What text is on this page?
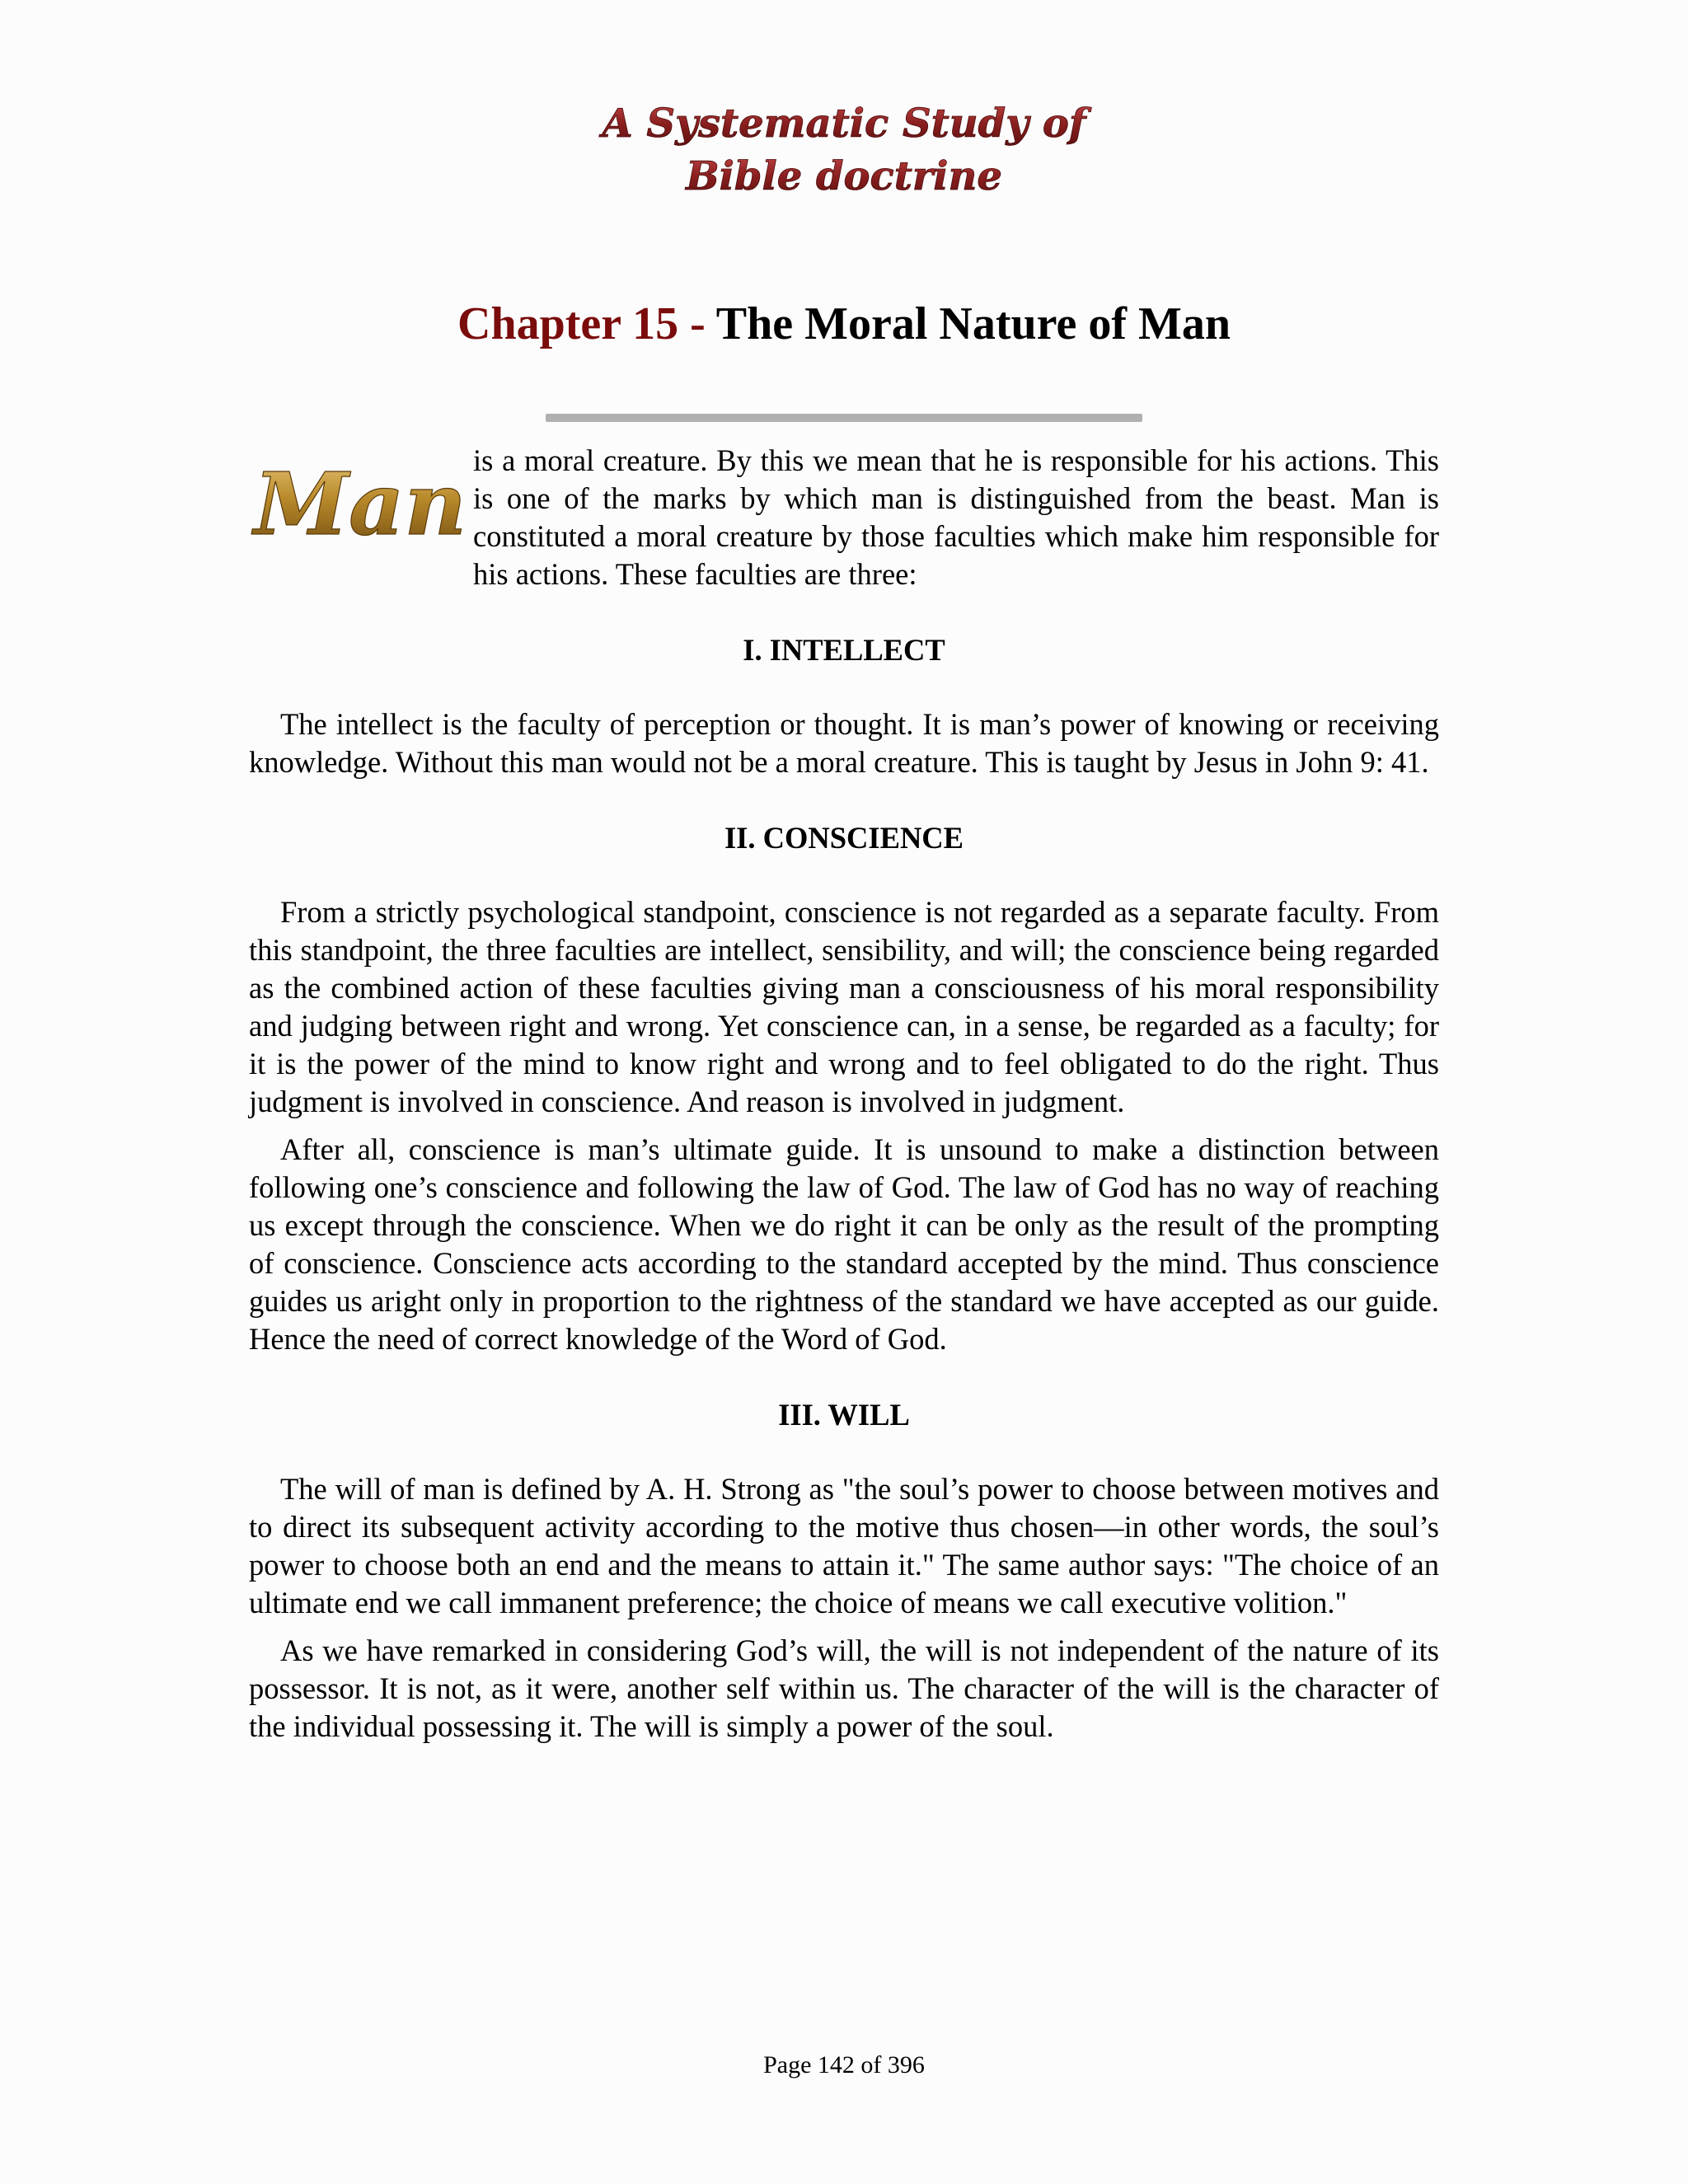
A Systematic Study of
Bible doctrine
Chapter 15 - The Moral Nature of Man
Man is a moral creature. By this we mean that he is responsible for his actions. This is one of the marks by which man is distinguished from the beast. Man is constituted a moral creature by those faculties which make him responsible for his actions. These faculties are three:

I. INTELLECT

The intellect is the faculty of perception or thought. It is man’s power of knowing or receiving knowledge. Without this man would not be a moral creature. This is taught by Jesus in John 9: 41.

II. CONSCIENCE

From a strictly psychological standpoint, conscience is not regarded as a separate faculty. From this standpoint, the three faculties are intellect, sensibility, and will; the conscience being regarded as the combined action of these faculties giving man a consciousness of his moral responsibility and judging between right and wrong. Yet conscience can, in a sense, be regarded as a faculty; for it is the power of the mind to know right and wrong and to feel obligated to do the right. Thus judgment is involved in conscience. And reason is involved in judgment.

After all, conscience is man’s ultimate guide. It is unsound to make a distinction between following one’s conscience and following the law of God. The law of God has no way of reaching us except through the conscience. When we do right it can be only as the result of the prompting of conscience. Conscience acts according to the standard accepted by the mind. Thus conscience guides us aright only in proportion to the rightness of the standard we have accepted as our guide. Hence the need of correct knowledge of the Word of God.

III. WILL

The will of man is defined by A. H. Strong as "the soul’s power to choose between motives and to direct its subsequent activity according to the motive thus chosen—in other words, the soul’s power to choose both an end and the means to attain it." The same author says: "The choice of an ultimate end we call immanent preference; the choice of means we call executive volition."

As we have remarked in considering God’s will, the will is not independent of the nature of its possessor. It is not, as it were, another self within us. The character of the will is the character of the individual possessing it. The will is simply a power of the soul.

Page 142 of 396
